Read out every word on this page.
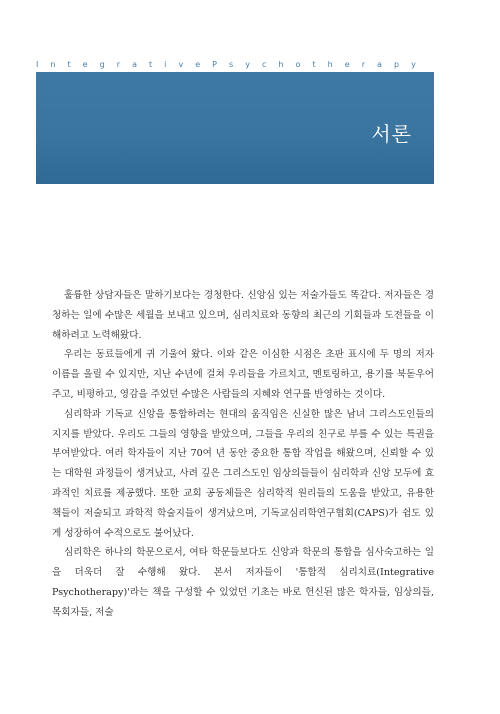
I n t e g r a t i v e P s y c h o t h e r a p y
서론

훌륭한 상담자들은 말하기보다는 경청한다. 신앙심 있는 저술가들도 똑같다. 저자들은 경청하는 일에 수많은 세월을 보내고 있으며, 심리치료와 동향의 최근의 기회들과 도전들을 이해하려고 노력해왔다.

우리는 동료들에게 귀 기울여 왔다. 이와 같은 이심한 시점은 초판 표시에 두 명의 저자 이름을 올릴 수 있지만, 지난 수년에 걸쳐 우리들을 가르치고, 멘토링하고, 용기를 북돋우어 주고, 비평하고, 영감을 주었던 수많은 사람들의 지혜와 연구를 반영하는 것이다.

심리학과 기독교 신앙을 통합하려는 현대의 움직임은 신실한 많은 남녀 그리스도인들의 지지를 받았다. 우리도 그들의 영향을 받았으며, 그들을 우리의 친구로 부를 수 있는 특권을 부여받았다. 여러 학자들이 지난 70여 년 동안 중요한 통합 작업을 해왔으며, 신뢰할 수 있는 대학원 과정들이 생겨났고, 사려 깊은 그리스도인 임상의들들이 심리학과 신앙 모두에 효과적인 치료를 제공했다. 또한 교회 공동체들은 심리학적 원리들의 도움을 받았고, 유용한 책들이 저술되고 과학적 학술지들이 생겨났으며, 기독교심리학연구협회(CAPS)가 쉼도 있게 성장하여 수적으로도 불어났다.

심리학은 하나의 학문으로서, 여타 학문들보다도 신앙과 학문의 통합을 심사숙고하는 일을 더욱더 잘 수행해 왔다. 본서 저자들이 '통합적 심리치료(Integrative Psychotherapy)'라는 책을 구성할 수 있었던 기초는 바로 헌신된 많은 학자들, 임상의들, 목회자들, 저술
